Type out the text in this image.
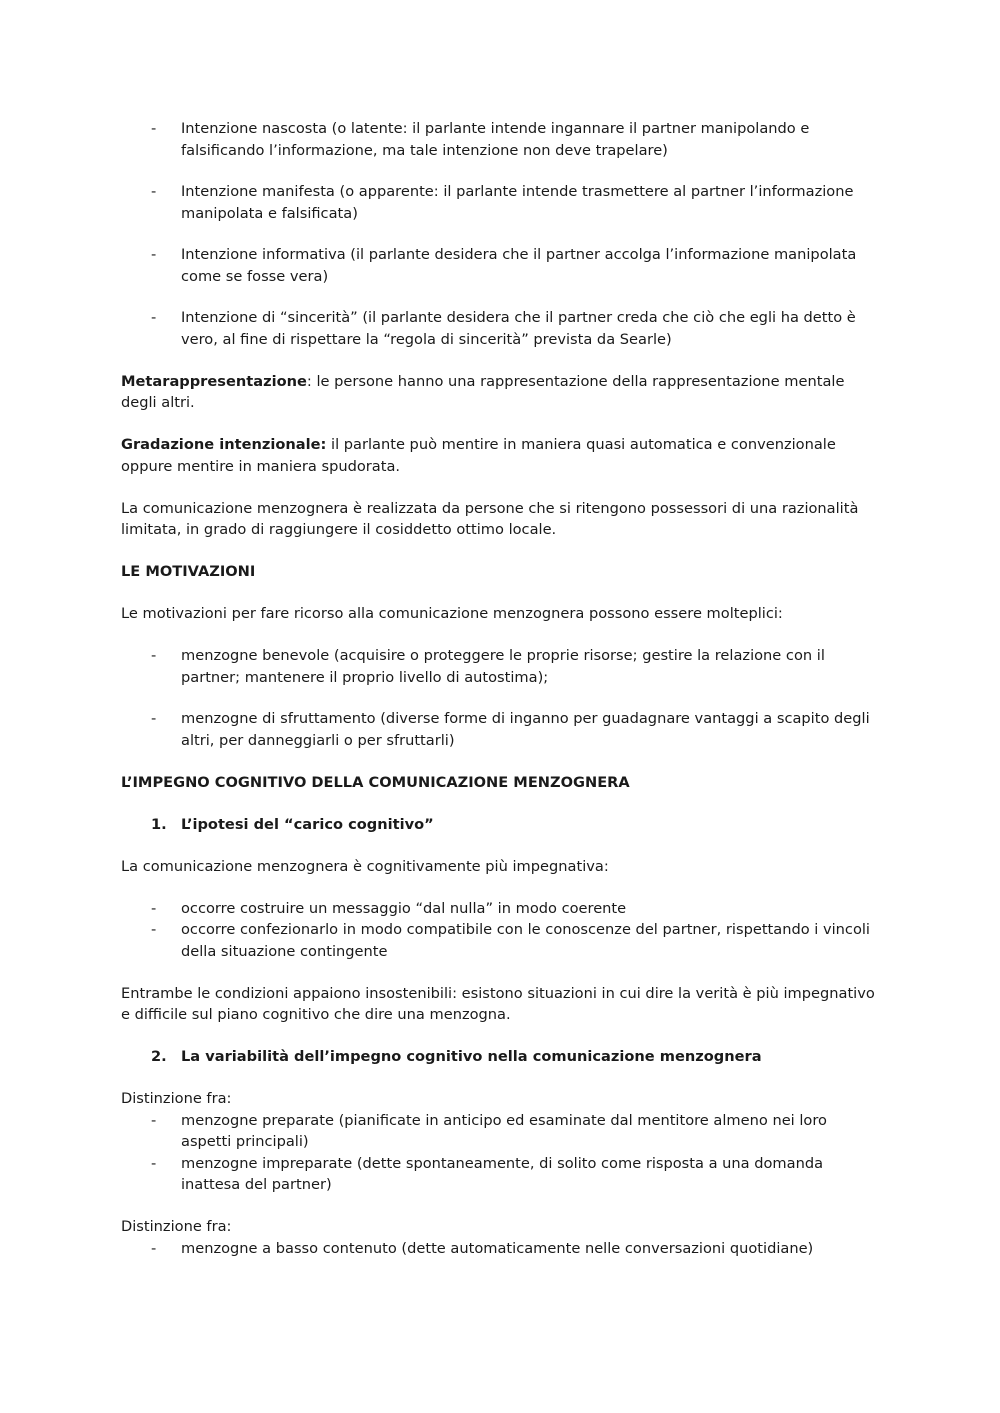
- Intenzione nascosta (o latente: il parlante intende ingannare il partner manipolando e falsificando l’informazione, ma tale intenzione non deve trapelare)
- Intenzione manifesta (o apparente: il parlante intende trasmettere al partner l’informazione manipolata e falsificata)
- Intenzione informativa (il parlante desidera che il partner accolga l’informazione manipolata come se fosse vera)
- Intenzione di “sincerità” (il parlante desidera che il partner creda che ciò che egli ha detto è vero, al fine di rispettare la “regola di sincerità” prevista da Searle)

Metarappresentazione: le persone hanno una rappresentazione della rappresentazione mentale degli altri.

Gradazione intenzionale: il parlante può mentire in maniera quasi automatica e convenzionale oppure mentire in maniera spudorata.

La comunicazione menzognera è realizzata da persone che si ritengono possessori di una razionalità limitata, in grado di raggiungere il cosiddetto ottimo locale.

LE MOTIVAZIONI

Le motivazioni per fare ricorso alla comunicazione menzognera possono essere molteplici:

- menzogne benevole (acquisire o proteggere le proprie risorse; gestire la relazione con il partner; mantenere il proprio livello di autostima);
- menzogne di sfruttamento (diverse forme di inganno per guadagnare vantaggi a scapito degli altri, per danneggiarli o per sfruttarli)

L’IMPEGNO COGNITIVO DELLA COMUNICAZIONE MENZOGNERA

1. L’ipotesi del “carico cognitivo”

La comunicazione menzognera è cognitivamente più impegnativa:

- occorre costruire un messaggio “dal nulla” in modo coerente
- occorre confezionarlo in modo compatibile con le conoscenze del partner, rispettando i vincoli della situazione contingente

Entrambe le condizioni appaiono insostenibili: esistono situazioni in cui dire la verità è più impegnativo e difficile sul piano cognitivo che dire una menzogna.

2. La variabilità dell’impegno cognitivo nella comunicazione menzognera

Distinzione fra:

- menzogne preparate (pianificate in anticipo ed esaminate dal mentitore almeno nei loro aspetti principali)
- menzogne impreparate (dette spontaneamente, di solito come risposta a una domanda inattesa del partner)

Distinzione fra:

- menzogne a basso contenuto (dette automaticamente nelle conversazioni quotidiane)
